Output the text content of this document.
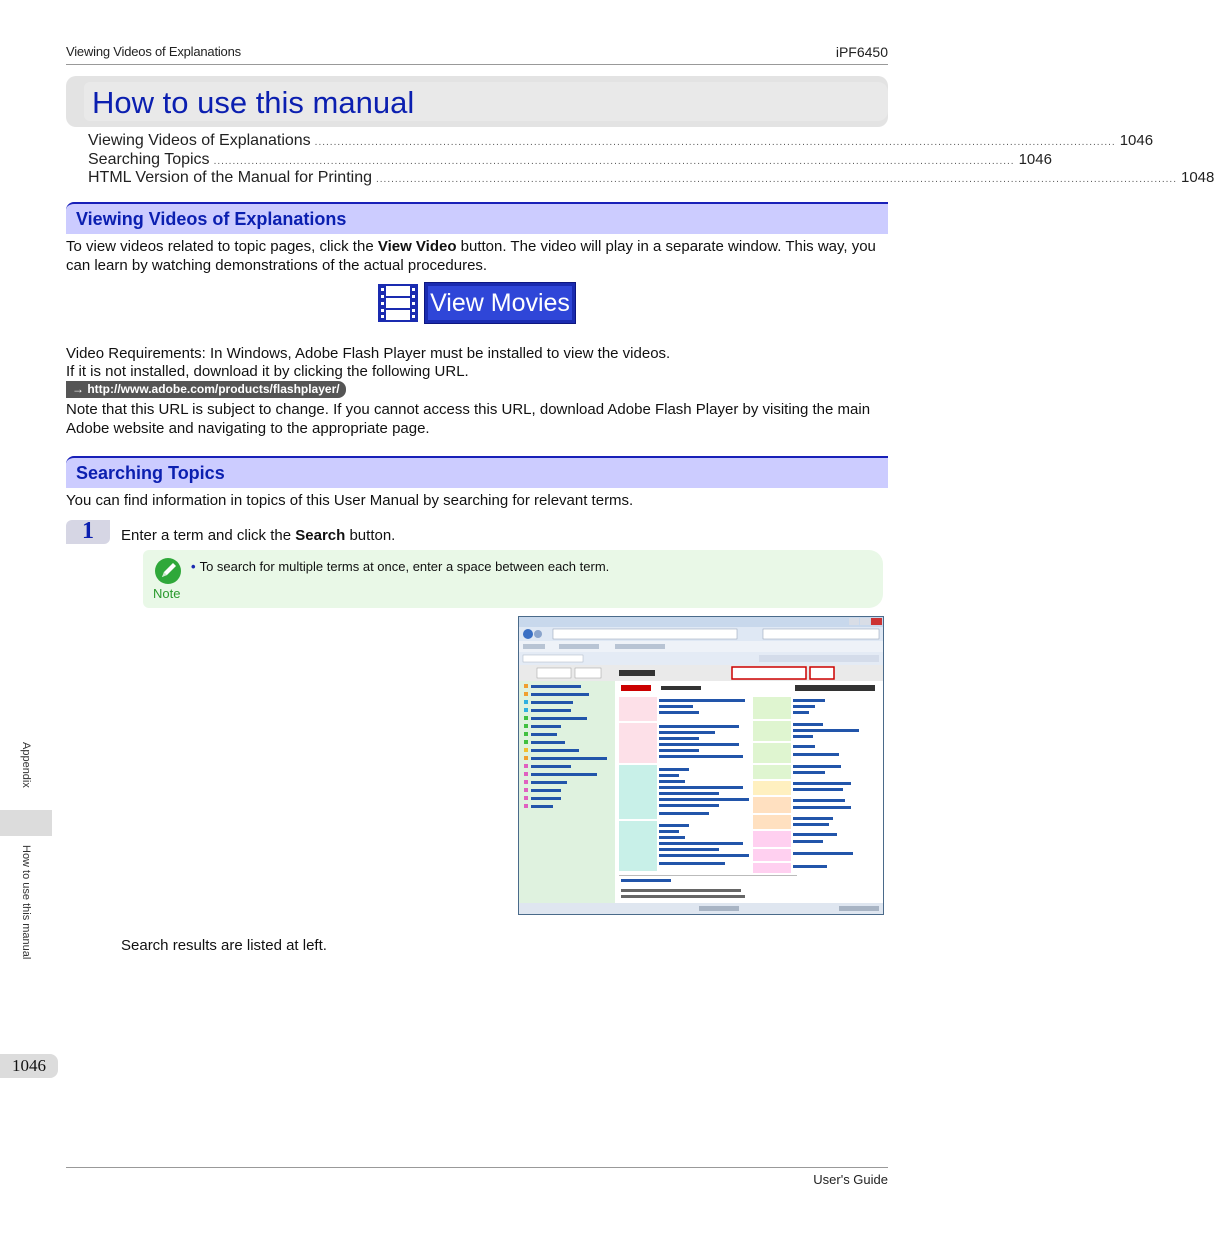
Viewing Videos of Explanations	iPF6450
How to use this manual
Viewing Videos of Explanations .................................................................................................................................................................................................................... 1046
Searching Topics .................................................................................................................................................................................................................... 1046
HTML Version of the Manual for Printing .................................................................................................................................................................................................................... 1048
Viewing Videos of Explanations
To view videos related to topic pages, click the View Video button. The video will play in a separate window. This way, you can learn by watching demonstrations of the actual procedures.
View Movies
Video Requirements: In Windows, Adobe Flash Player must be installed to view the videos.
If it is not installed, download it by clicking the following URL.
→ http://www.adobe.com/products/flashplayer/
Note that this URL is subject to change. If you cannot access this URL, download Adobe Flash Player by visiting the main Adobe website and navigating to the appropriate page.
Searching Topics
You can find information in topics of this User Manual by searching for relevant terms.
1 Enter a term and click the Search button.
Note
• To search for multiple terms at once, enter a space between each term.
Search results are listed at left.
Appendix
How to use this manual
1046
User's Guide
